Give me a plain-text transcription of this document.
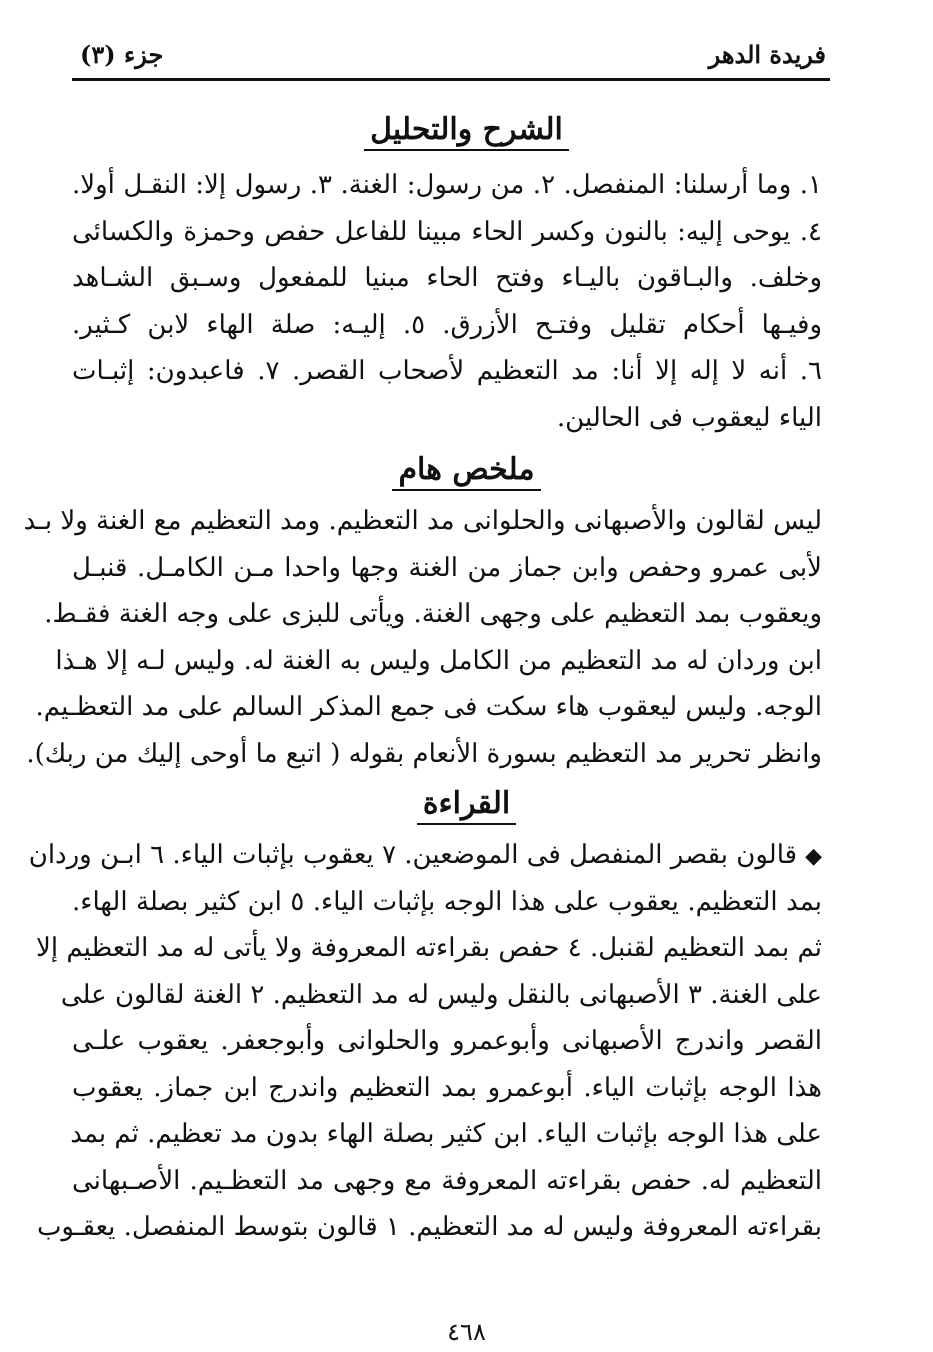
فريدة الدهر
جزء (٣)
الشرح والتحليل
١. وما أرسلنا: المنفصل. ٢. من رسول: الغنة. ٣. رسول إلا: النقـل أولا.
٤. يوحى إليه: بالنون وكسر الحاء مبينا للفاعل حفص وحمزة والكسائى
وخلف. والبـاقون باليـاء وفتح الحاء مبنيا للمفعول وسـبق الشـاهد
وفيـها أحكام تقليل وفتـح الأزرق. ٥. إليـه: صلة الهاء لابن كـثير.
٦. أنه لا إله إلا أنا: مد التعظيم لأصحاب القصر. ٧. فاعبدون: إثبـات
الياء ليعقوب فى الحالين.
ملخص هام
ليس لقالون والأصبهانى والحلوانى مد التعظيم. ومد التعظيم مع الغنة ولا بـد
لأبى عمرو وحفص وابن جماز من الغنة وجها واحدا مـن الكامـل. قنبـل
ويعقوب بمد التعظيم على وجهى الغنة. ويأتى للبزى على وجه الغنة فقـط.
ابن وردان له مد التعظيم من الكامل وليس به الغنة له. وليس لـه إلا هـذا
الوجه. وليس ليعقوب هاء سكت فى جمع المذكر السالم على مد التعظـيم.
وانظر تحرير مد التعظيم بسورة الأنعام بقوله ( اتبع ما أوحى إليك من ربك).
القراءة
◆قالون بقصر المنفصل فى الموضعين. ٧ يعقوب بإثبات الياء. ٦ ابـن وردان
بمد التعظيم. يعقوب على هذا الوجه بإثبات الياء. ٥ ابن كثير بصلة الهاء.
ثم بمد التعظيم لقنبل. ٤ حفص بقراءته المعروفة ولا يأتى له مد التعظيم إلا
على الغنة. ٣ الأصبهانى بالنقل وليس له مد التعظيم. ٢ الغنة لقالون على
القصر واندرج الأصبهانى وأبوعمرو والحلوانى وأبوجعفر. يعقوب علـى
هذا الوجه بإثبات الياء. أبوعمرو بمد التعظيم واندرج ابن جماز. يعقوب
على هذا الوجه بإثبات الياء. ابن كثير بصلة الهاء بدون مد تعظيم. ثم بمد
التعظيم له. حفص بقراءته المعروفة مع وجهى مد التعظـيم. الأصـبهانى
بقراءته المعروفة وليس له مد التعظيم. ١ قالون بتوسط المنفصل. يعقـوب
٤٦٨
